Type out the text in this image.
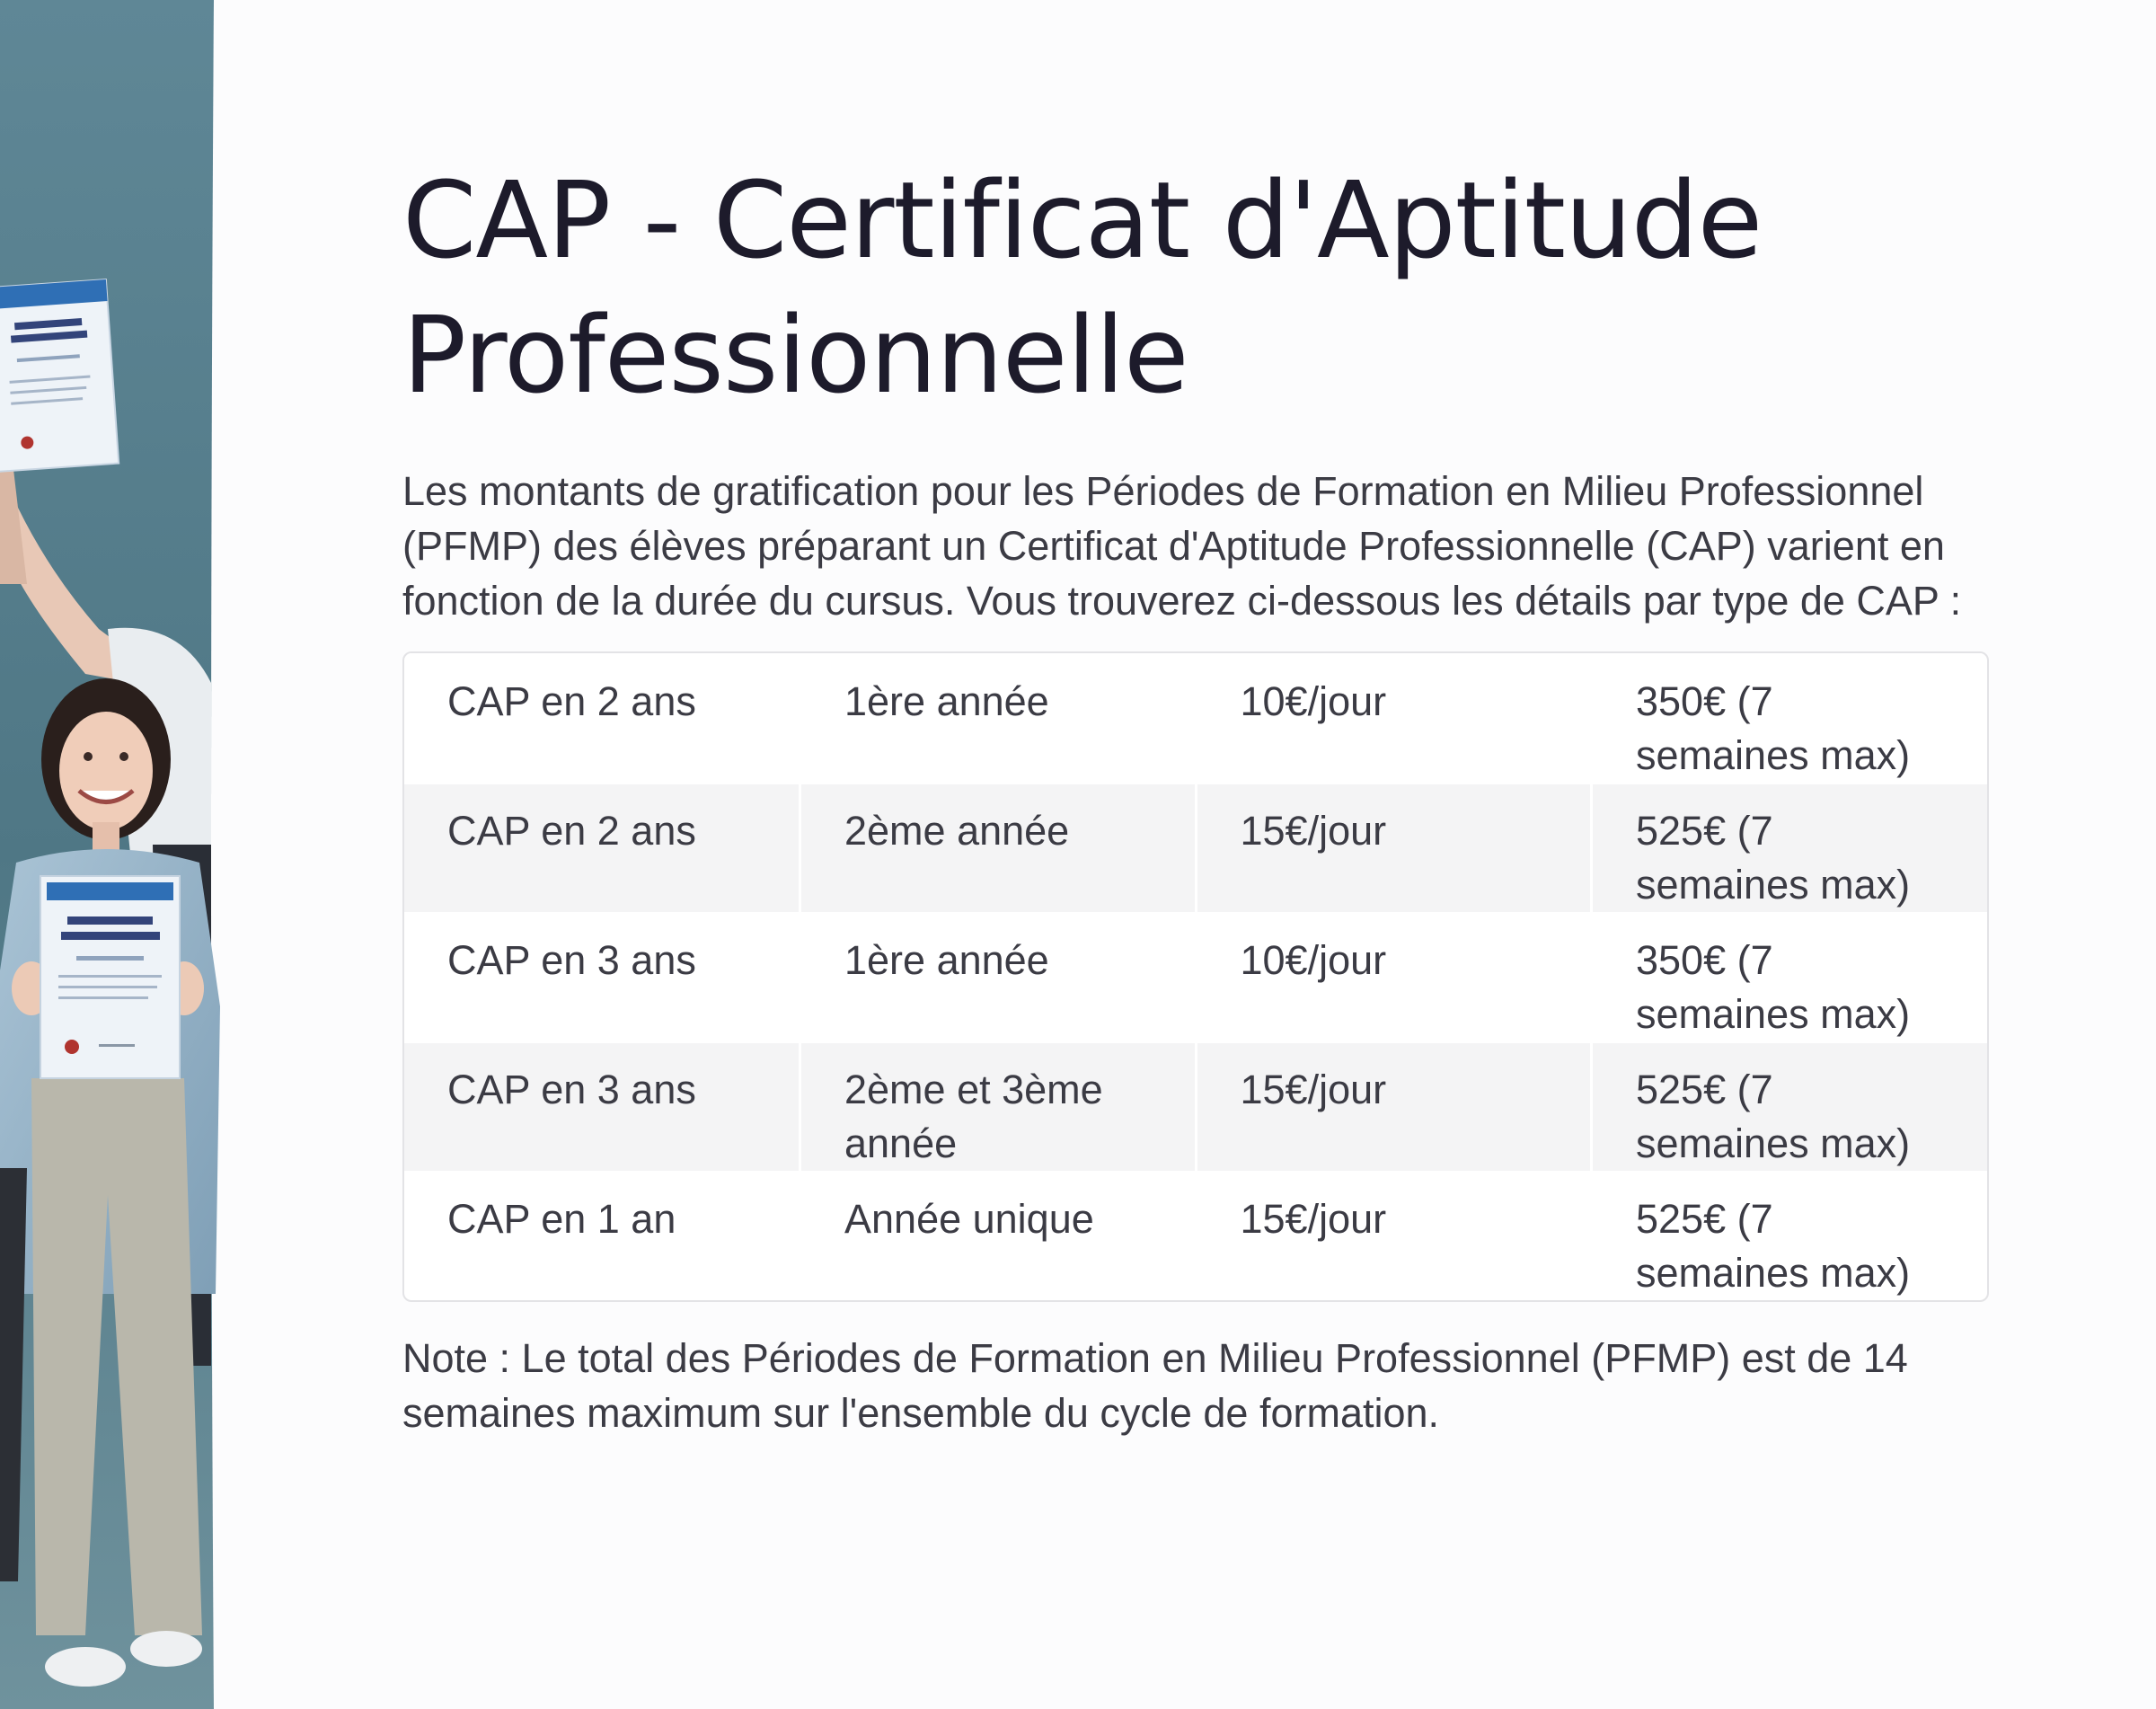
CAP - Certificat d'Aptitude Professionnelle

Les montants de gratification pour les Périodes de Formation en Milieu Professionnel (PFMP) des élèves préparant un Certificat d'Aptitude Professionnelle (CAP) varient en fonction de la durée du cursus. Vous trouverez ci-dessous les détails par type de CAP :

CAP en 2 ans	1ère année	10€/jour	350€ (7 semaines max)
CAP en 2 ans	2ème année	15€/jour	525€ (7 semaines max)
CAP en 3 ans	1ère année	10€/jour	350€ (7 semaines max)
CAP en 3 ans	2ème et 3ème année	15€/jour	525€ (7 semaines max)
CAP en 1 an	Année unique	15€/jour	525€ (7 semaines max)

Note : Le total des Périodes de Formation en Milieu Professionnel (PFMP) est de 14 semaines maximum sur l'ensemble du cycle de formation.
